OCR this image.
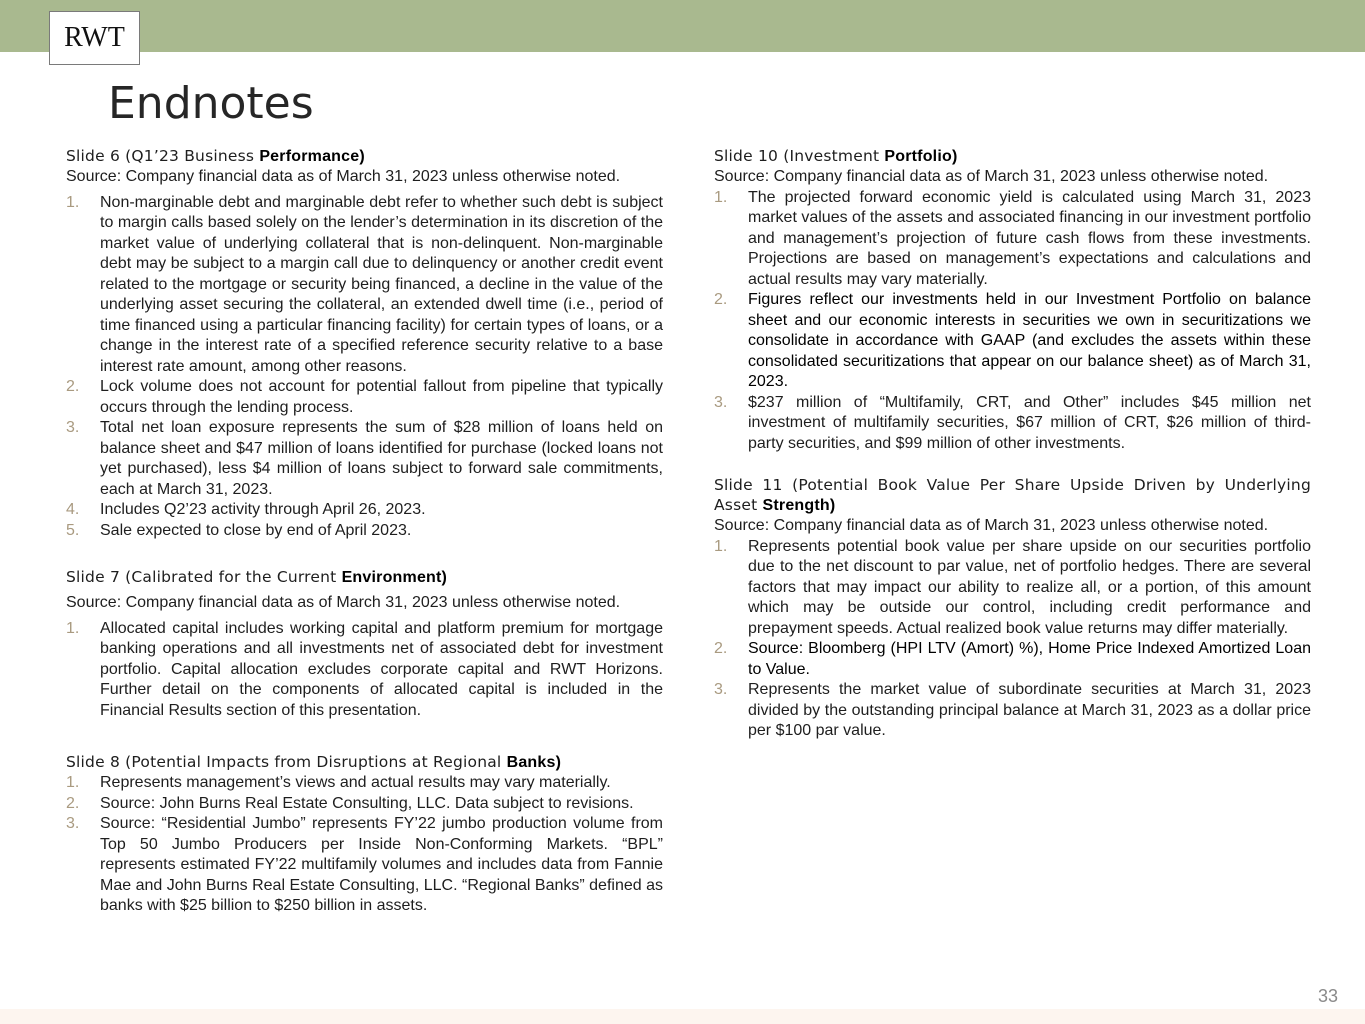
RWT
Endnotes

Slide 6 (Q1’23 Business Performance)

Source: Company financial data as of March 31, 2023 unless otherwise noted.

1.	Non-marginable debt and marginable debt refer to whether such debt is subject to margin calls based solely on the lender’s determination in its discretion of the market value of underlying collateral that is non-delinquent. Non-marginable debt may be subject to a margin call due to delinquency or another credit event related to the mortgage or security being financed, a decline in the value of the underlying asset securing the collateral, an extended dwell time (i.e., period of time financed using a particular financing facility) for certain types of loans, or a change in the interest rate of a specified reference security relative to a base interest rate amount, among other reasons.
2.	Lock volume does not account for potential fallout from pipeline that typically occurs through the lending process.
3.	Total net loan exposure represents the sum of $28 million of loans held on balance sheet and $47 million of loans identified for purchase (locked loans not yet purchased), less $4 million of loans subject to forward sale commitments, each at March 31, 2023.
4.	Includes Q2’23 activity through April 26, 2023.
5.	Sale expected to close by end of April 2023.

Slide 7 (Calibrated for the Current Environment)

Source: Company financial data as of March 31, 2023 unless otherwise noted.

1.	Allocated capital includes working capital and platform premium for mortgage banking operations and all investments net of associated debt for investment portfolio. Capital allocation excludes corporate capital and RWT Horizons. Further detail on the components of allocated capital is included in the Financial Results section of this presentation.

Slide 8 (Potential Impacts from Disruptions at Regional Banks)

1.	Represents management’s views and actual results may vary materially.
2.	Source: John Burns Real Estate Consulting, LLC. Data subject to revisions.
3.	Source: “Residential Jumbo” represents FY’22 jumbo production volume from Top 50 Jumbo Producers per Inside Non-Conforming Markets. “BPL” represents estimated FY’22 multifamily volumes and includes data from Fannie Mae and John Burns Real Estate Consulting, LLC. “Regional Banks” defined as banks with $25 billion to $250 billion in assets.

Slide 10 (Investment Portfolio)

Source: Company financial data as of March 31, 2023 unless otherwise noted.

1.	The projected forward economic yield is calculated using March 31, 2023 market values of the assets and associated financing in our investment portfolio and management’s projection of future cash flows from these investments. Projections are based on management’s expectations and calculations and actual results may vary materially.
2.	Figures reflect our investments held in our Investment Portfolio on balance sheet and our economic interests in securities we own in securitizations we consolidate in accordance with GAAP (and excludes the assets within these consolidated securitizations that appear on our balance sheet) as of March 31, 2023.
3.	$237 million of “Multifamily, CRT, and Other” includes $45 million net investment of multifamily securities, $67 million of CRT, $26 million of third-party securities, and $99 million of other investments.

Slide 11 (Potential Book Value Per Share Upside Driven by Underlying Asset Strength)

Source: Company financial data as of March 31, 2023 unless otherwise noted.

1.	Represents potential book value per share upside on our securities portfolio due to the net discount to par value, net of portfolio hedges. There are several factors that may impact our ability to realize all, or a portion, of this amount which may be outside our control, including credit performance and prepayment speeds. Actual realized book value returns may differ materially.
2.	Source: Bloomberg (HPI LTV (Amort) %), Home Price Indexed Amortized Loan to Value.
3.	Represents the market value of subordinate securities at March 31, 2023 divided by the outstanding principal balance at March 31, 2023 as a dollar price per $100 par value.
33
